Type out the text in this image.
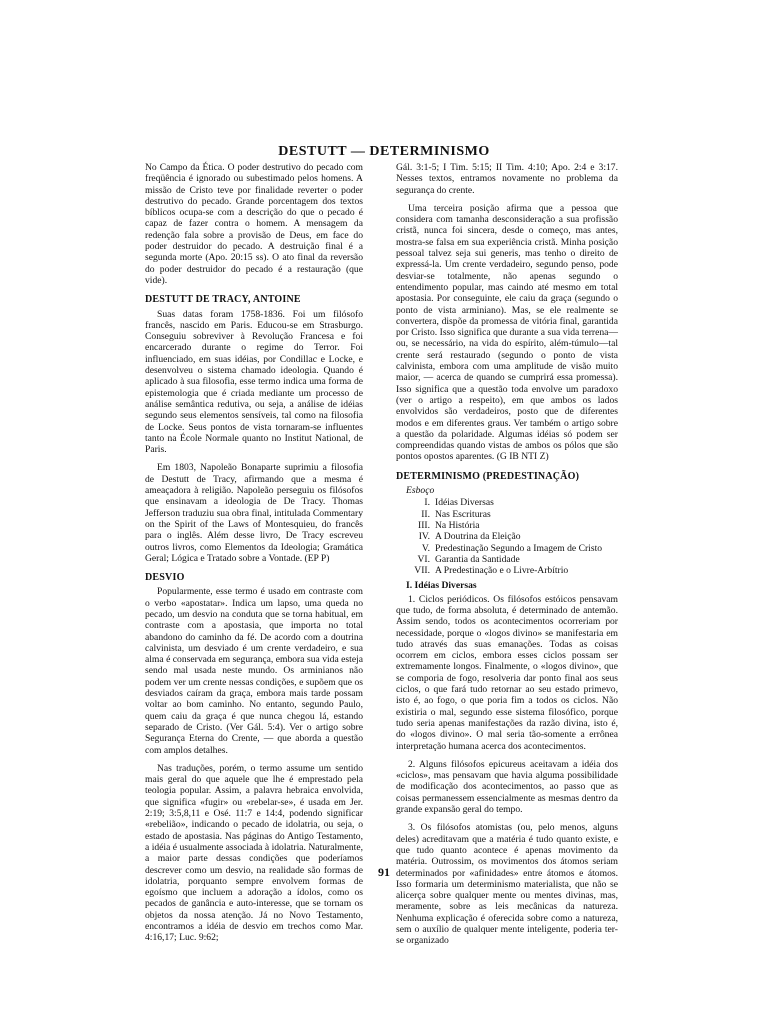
DESTUTT — DETERMINISMO

No Campo da Ética. O poder destrutivo do pecado com freqüência é ignorado ou subestimado pelos homens. A missão de Cristo teve por finalidade reverter o poder destrutivo do pecado. Grande porcentagem dos textos bíblicos ocupa-se com a descrição do que o pecado é capaz de fazer contra o homem. A mensagem da redenção fala sobre a provisão de Deus, em face do poder destruidor do pecado. A destruição final é a segunda morte (Apo. 20:15 ss). O ato final da reversão do poder destruidor do pecado é a restauração (que vide).

DESTUTT DE TRACY, ANTOINE

Suas datas foram 1758-1836. Foi um filósofo francês, nascido em Paris. Educou-se em Strasburgo. Conseguiu sobreviver à Revolução Francesa e foi encarcerado durante o regime do Terror. Foi influenciado, em suas idéias, por Condillac e Locke, e desenvolveu o sistema chamado ideologia. Quando é aplicado à sua filosofia, esse termo indica uma forma de epistemologia que é criada mediante um processo de análise semântica redutiva, ou seja, a análise de idéias segundo seus elementos sensíveis, tal como na filosofia de Locke. Seus pontos de vista tornaram-se influentes tanto na École Normale quanto no Institut National, de Paris.

Em 1803, Napoleão Bonaparte suprimiu a filosofia de Destutt de Tracy, afirmando que a mesma é ameaçadora à religião. Napoleão perseguiu os filósofos que ensinavam a ideologia de De Tracy. Thomas Jefferson traduziu sua obra final, intitulada Commentary on the Spirit of the Laws of Montesquieu, do francês para o inglês. Além desse livro, De Tracy escreveu outros livros, como Elementos da Ideologia; Gramática Geral; Lógica e Tratado sobre a Vontade. (EP P)

DESVIO

Popularmente, esse termo é usado em contraste com o verbo «apostatar». Indica um lapso, uma queda no pecado, um desvio na conduta que se torna habitual, em contraste com a apostasia, que importa no total abandono do caminho da fé. De acordo com a doutrina calvinista, um desviado é um crente verdadeiro, e sua alma é conservada em segurança, embora sua vida esteja sendo mal usada neste mundo. Os arminianos não podem ver um crente nessas condições, e supõem que os desviados caíram da graça, embora mais tarde possam voltar ao bom caminho. No entanto, segundo Paulo, quem caiu da graça é que nunca chegou lá, estando separado de Cristo. (Ver Gál. 5:4). Ver o artigo sobre Segurança Eterna do Crente, — que aborda a questão com amplos detalhes.

Nas traduções, porém, o termo assume um sentido mais geral do que aquele que lhe é emprestado pela teologia popular. Assim, a palavra hebraica envolvida, que significa «fugir» ou «rebelar-se», é usada em Jer. 2:19; 3:5,8,11 e Osé. 11:7 e 14:4, podendo significar «rebelião», indicando o pecado de idolatria, ou seja, o estado de apostasia. Nas páginas do Antigo Testamento, a idéia é usualmente associada à idolatria. Naturalmente, a maior parte dessas condições que poderíamos descrever como um desvio, na realidade são formas de idolatria, porquanto sempre envolvem formas de egoísmo que incluem a adoração a ídolos, como os pecados de ganância e auto-interesse, que se tornam os objetos da nossa atenção. Já no Novo Testamento, encontramos a idéia de desvio em trechos como Mar. 4:16,17; Luc. 9:62;

Gál. 3:1-5; I Tim. 5:15; II Tim. 4:10; Apo. 2:4 e 3:17. Nesses textos, entramos novamente no problema da segurança do crente.

Uma terceira posição afirma que a pessoa que considera com tamanha desconsideração a sua profissão cristã, nunca foi sincera, desde o começo, mas antes, mostra-se falsa em sua experiência cristã. Minha posição pessoal talvez seja sui generis, mas tenho o direito de expressá-la. Um crente verdadeiro, segundo penso, pode desviar-se totalmente, não apenas segundo o entendimento popular, mas caindo até mesmo em total apostasia. Por conseguinte, ele caiu da graça (segundo o ponto de vista arminiano). Mas, se ele realmente se convertera, dispõe da promessa de vitória final, garantida por Cristo. Isso significa que durante a sua vida terrena—ou, se necessário, na vida do espírito, além-túmulo—tal crente será restaurado (segundo o ponto de vista calvinista, embora com uma amplitude de visão muito maior, — acerca de quando se cumprirá essa promessa). Isso significa que a questão toda envolve um paradoxo (ver o artigo a respeito), em que ambos os lados envolvidos são verdadeiros, posto que de diferentes modos e em diferentes graus. Ver também o artigo sobre a questão da polaridade. Algumas idéias só podem ser compreendidas quando vistas de ambos os pólos que são pontos opostos aparentes. (G IB NTI Z)

DETERMINISMO (PREDESTINAÇÃO)
Esboço
I. Idéias Diversas
II. Nas Escrituras
III. Na História
IV. A Doutrina da Eleição
V. Predestinação Segundo a Imagem de Cristo
VI. Garantia da Santidade
VII. A Predestinação e o Livre-Arbítrio
I. Idéias Diversas

1. Ciclos periódicos. Os filósofos estóicos pensavam que tudo, de forma absoluta, é determinado de antemão. Assim sendo, todos os acontecimentos ocorreriam por necessidade, porque o «logos divino» se manifestaria em tudo através das suas emanações. Todas as coisas ocorrem em ciclos, embora esses ciclos possam ser extremamente longos. Finalmente, o «logos divino», que se comporia de fogo, resolveria dar ponto final aos seus ciclos, o que fará tudo retornar ao seu estado primevo, isto é, ao fogo, o que poria fim a todos os ciclos. Não existiria o mal, segundo esse sistema filosófico, porque tudo seria apenas manifestações da razão divina, isto é, do «logos divino». O mal seria tão-somente a errônea interpretação humana acerca dos acontecimentos.

2. Alguns filósofos epicureus aceitavam a idéia dos «ciclos», mas pensavam que havia alguma possibilidade de modificação dos acontecimentos, ao passo que as coisas permanessem essencialmente as mesmas dentro da grande expansão geral do tempo.

3. Os filósofos atomistas (ou, pelo menos, alguns deles) acreditavam que a matéria é tudo quanto existe, e que tudo quanto acontece é apenas movimento da matéria. Outrossim, os movimentos dos átomos seriam determinados por «afinidades» entre átomos e átomos. Isso formaria um determinismo materialista, que não se alicerça sobre qualquer mente ou mentes divinas, mas, meramente, sobre as leis mecânicas da natureza. Nenhuma explicação é oferecida sobre como a natureza, sem o auxílio de qualquer mente inteligente, poderia ter-se organizado

91
